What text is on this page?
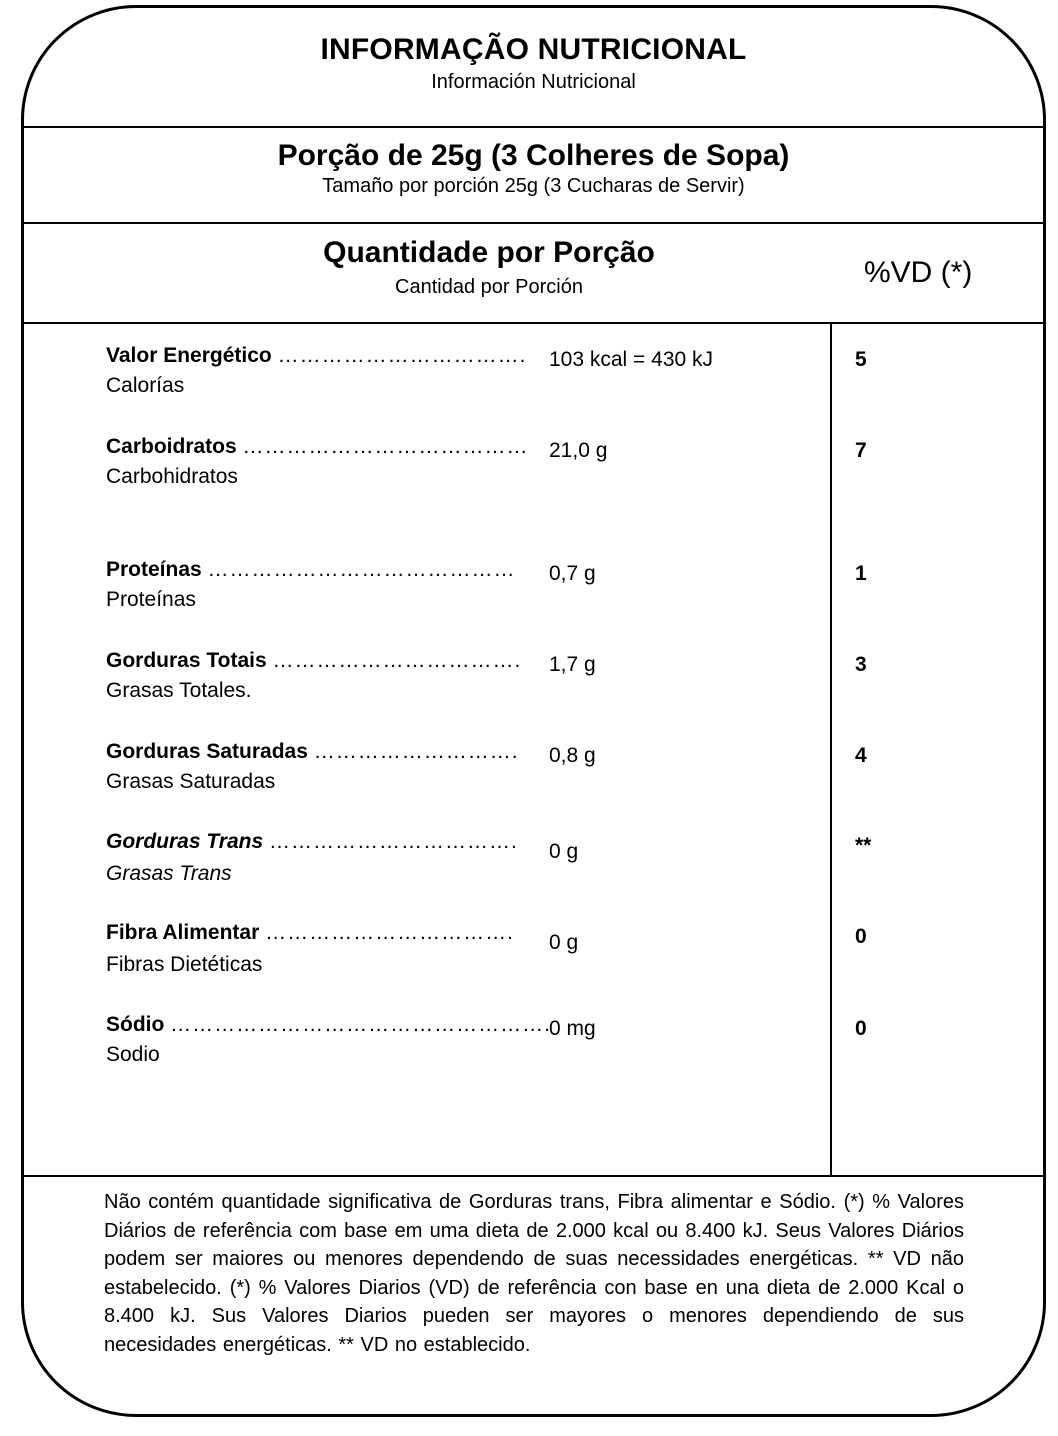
INFORMAÇÃO NUTRICIONAL
Información Nutricional
Porção de 25g (3 Colheres de Sopa)
Tamaño por porción 25g (3 Cucharas de Servir)
Quantidade por Porção
Cantidad por Porción	%VD (*)
Valor Energético …………………………….
Calorías
103 kcal = 430 kJ	5
Carboidratos …………………………………
Carbohidratos
21,0 g	7
Proteínas ……………………………………
Proteínas
0,7 g	1
Gorduras Totais …………………………….
Grasas Totales.
1,7 g	3
Gorduras Saturadas ……………………….
Grasas Saturadas
0,8 g	4
Gorduras Trans …………………………….
Grasas Trans
0 g	**
Fibra Alimentar …………………………….
Fibras Dietéticas
0 g	0
Sódio …………………………………………….
Sodio
0 mg	0
Não contém quantidade significativa de Gorduras trans, Fibra alimentar e Sódio. (*) % Valores Diários de referência com base em uma dieta de 2.000 kcal ou 8.400 kJ. Seus Valores Diários podem ser maiores ou menores dependendo de suas necessidades energéticas. ** VD não estabelecido. (*) % Valores Diarios (VD) de referência con base en una dieta de 2.000 Kcal o 8.400 kJ. Sus Valores Diarios pueden ser mayores o menores dependiendo de sus necesidades energéticas. ** VD no establecido.
